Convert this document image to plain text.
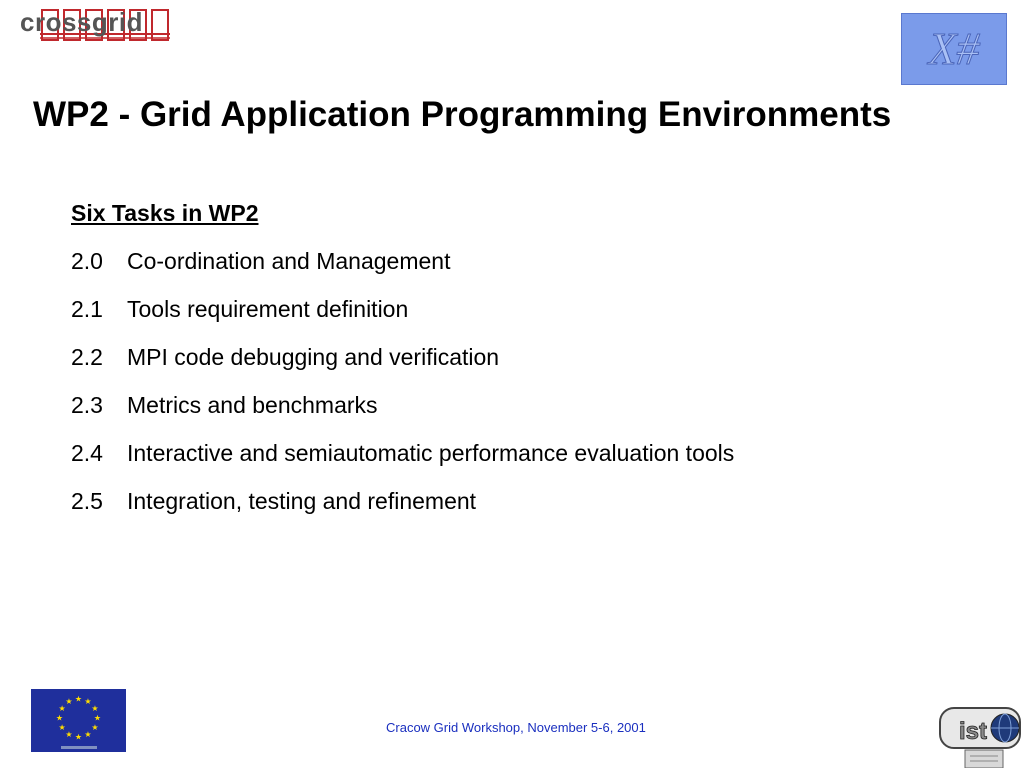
crossgrid
X#
WP2 - Grid Application Programming Environments
Six Tasks in WP2
2.0 Co-ordination and Management
2.1 Tools requirement definition
2.2 MPI code debugging and verification
2.3 Metrics and benchmarks
2.4 Interactive and semiautomatic performance evaluation tools
2.5 Integration, testing and refinement
★ ★
★
★
★
★
★
★
★
★
★
★
Cracow Grid Workshop, November 5-6, 2001	ist
